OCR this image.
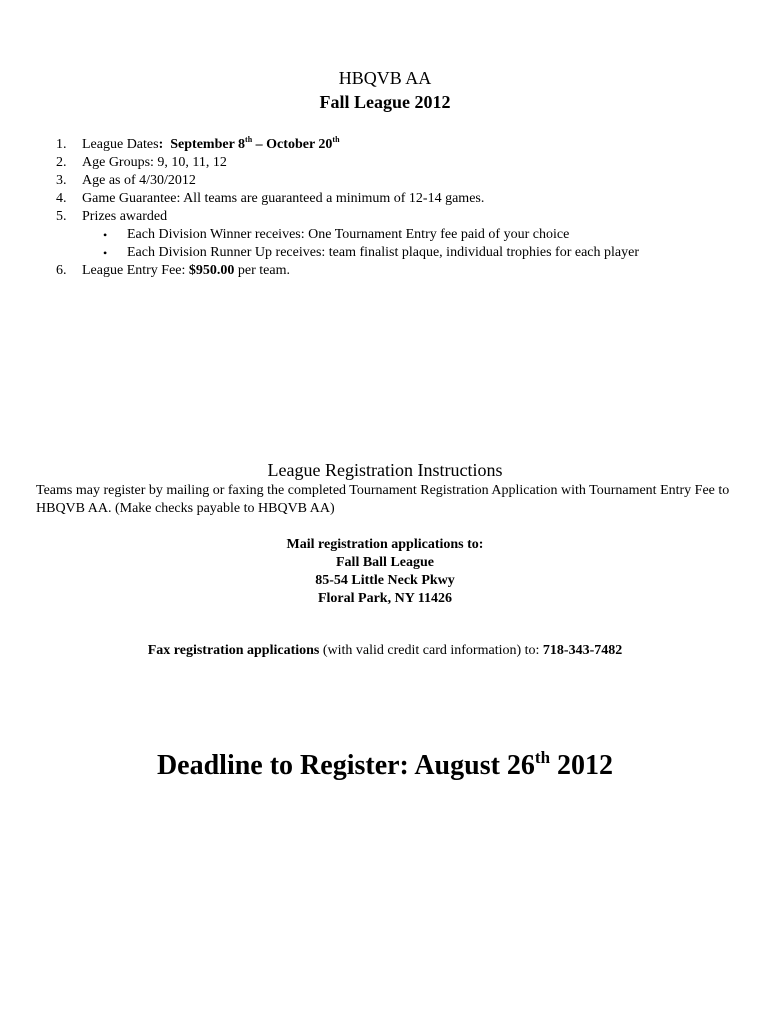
HBQVB AA
Fall League 2012
1.	League Dates: September 8th – October 20th
2.	Age Groups: 9, 10, 11, 12
3.	Age as of 4/30/2012
4.	Game Guarantee: All teams are guaranteed a minimum of 12-14 games.
5.	Prizes awarded
• Each Division Winner receives: One Tournament Entry fee paid of your choice
• Each Division Runner Up receives: team finalist plaque, individual trophies for each player
6.	League Entry Fee: $950.00 per team.
League Registration Instructions
Teams may register by mailing or faxing the completed Tournament Registration Application with Tournament Entry Fee to HBQVB AA. (Make checks payable to HBQVB AA)
Mail registration applications to:
Fall Ball League
85-54 Little Neck Pkwy
Floral Park, NY 11426
Fax registration applications (with valid credit card information) to: 718-343-7482
Deadline to Register: August 26th 2012
